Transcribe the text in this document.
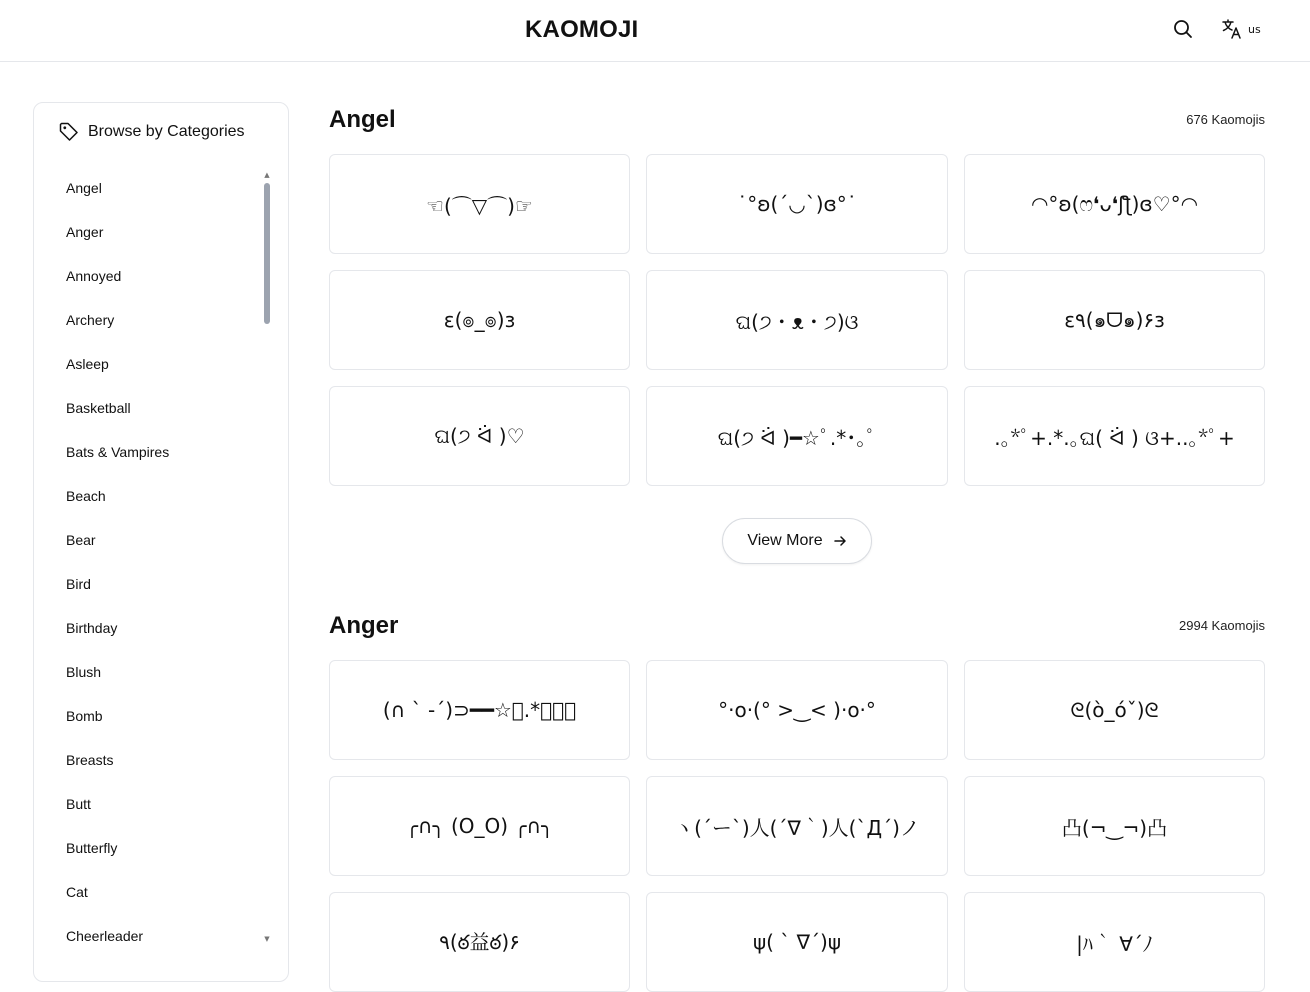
KAOMOJI	us
Browse by Categories
Angel
Anger
Annoyed
Archery
Asleep
Basketball
Bats & Vampires
Beach
Bear
Bird
Birthday
Blush
Bomb
Breasts
Butt
Butterfly
Cat
Cheerleader
▲
▼
Angel	676 Kaomojis
☜(⌒▽⌒)☞	˙°ʚ(´◡`)ɞ°˙	◠°ʚ(ෆ❛ᴗ❛ʃƪ)ɞ♡°◠
ε(๏_๏)з	ଘ(੭・ᴥ・੭)ଓ	ε٩(๑ᗜ๑)۶з
ଘ(੭ ᐛ )♡	ଘ(੭ ᐛ )━☆ﾟ.*･｡ﾟ	.｡*ﾟ+.*.｡ଘ( ᐛ ) ଓ+..｡*ﾟ+
View More
Anger	2994 Kaomojis
(∩ ` -´)⊃━━☆ﾟ.*･｡ﾟ	°·o·(° >‿< )·o·°	ᘓ(ò_óˇ)ᘓ
╭∩╮ (O_O) ╭∩╮	ヽ(´ー`)人(´∇｀)人(`Д´)ノ	凸(¬‿¬)凸
٩(ఠ益ఠ)۶	ψ( ` ∇´)ψ	|ﾊ｀ ∀´ﾉ
